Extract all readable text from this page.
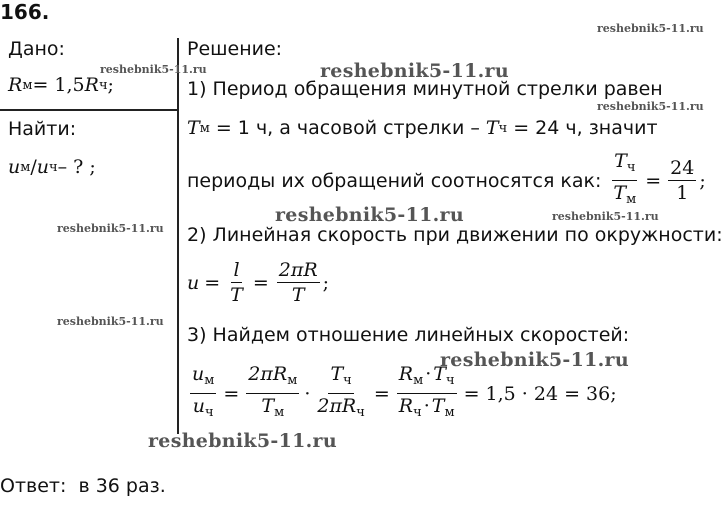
166.
Дано:
R м = 1,5 R ч ;
Найти:
u м / u ч – ? ;
Решение:
1) Период обращения минутной стрелки равен
T м = 1 ч, а часовой стрелки – T ч = 24 ч, значит
периоды их обращений соотносятся как: $\frac{T_ч}{T_м} = \frac{24}{1}$ ;
2) Линейная скорость при движении по окружности:
$u = \frac{l}{T} = \frac{2\pi R}{T}$ ;
3) Найдем отношение линейных скоростей:
$\frac{u_м}{u_ч} = \frac{2\pi R_м}{T_м} \cdot \frac{T_ч}{2\pi R_ч} = \frac{R_м \cdot T_ч}{R_ч \cdot T_м} = 1,5 \cdot 24 = 36$;
Ответ:  в 36 раз.
reshebnik5-11.ru
reshebnik5-11.ru	reshebnik5-11.ru
reshebnik5-11.ru
reshebnik5-11.ru	reshebnik5-11.ru
reshebnik5-11.ru
reshebnik5-11.ru
reshebnik5-11.ru
reshebnik5-11.ru
